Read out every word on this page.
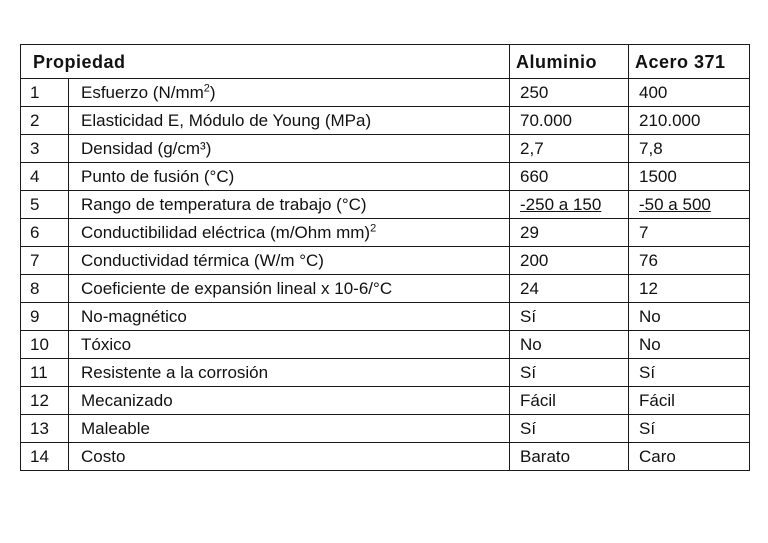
Propiedad		Aluminio	Acero 371
1	Esfuerzo $(N/mm^2)$	250	400
2	Elasticidad E, Módulo de Young (MPa)	70.000	210.000
3	Densidad (g/cm³)	2,7	7,8
4	Punto de fusión (°C)	660	1500
5	Rango de temperatura de trabajo (°C)	-250 a 150	-50 a 500
6	Conductibilidad eléctrica (m/Ohm mm)$^2$	29	7
7	Conductividad térmica (W/m °C)	200	76
8	Coeficiente de expansión lineal x 10-6/°C	24	12
9	No-magnético	Sí	No
10	Tóxico	No	No
11	Resistente a la corrosión	Sí	Sí
12	Mecanizado	Fácil	Fácil
13	Maleable	Sí	Sí
14	Costo	Barato	Caro
